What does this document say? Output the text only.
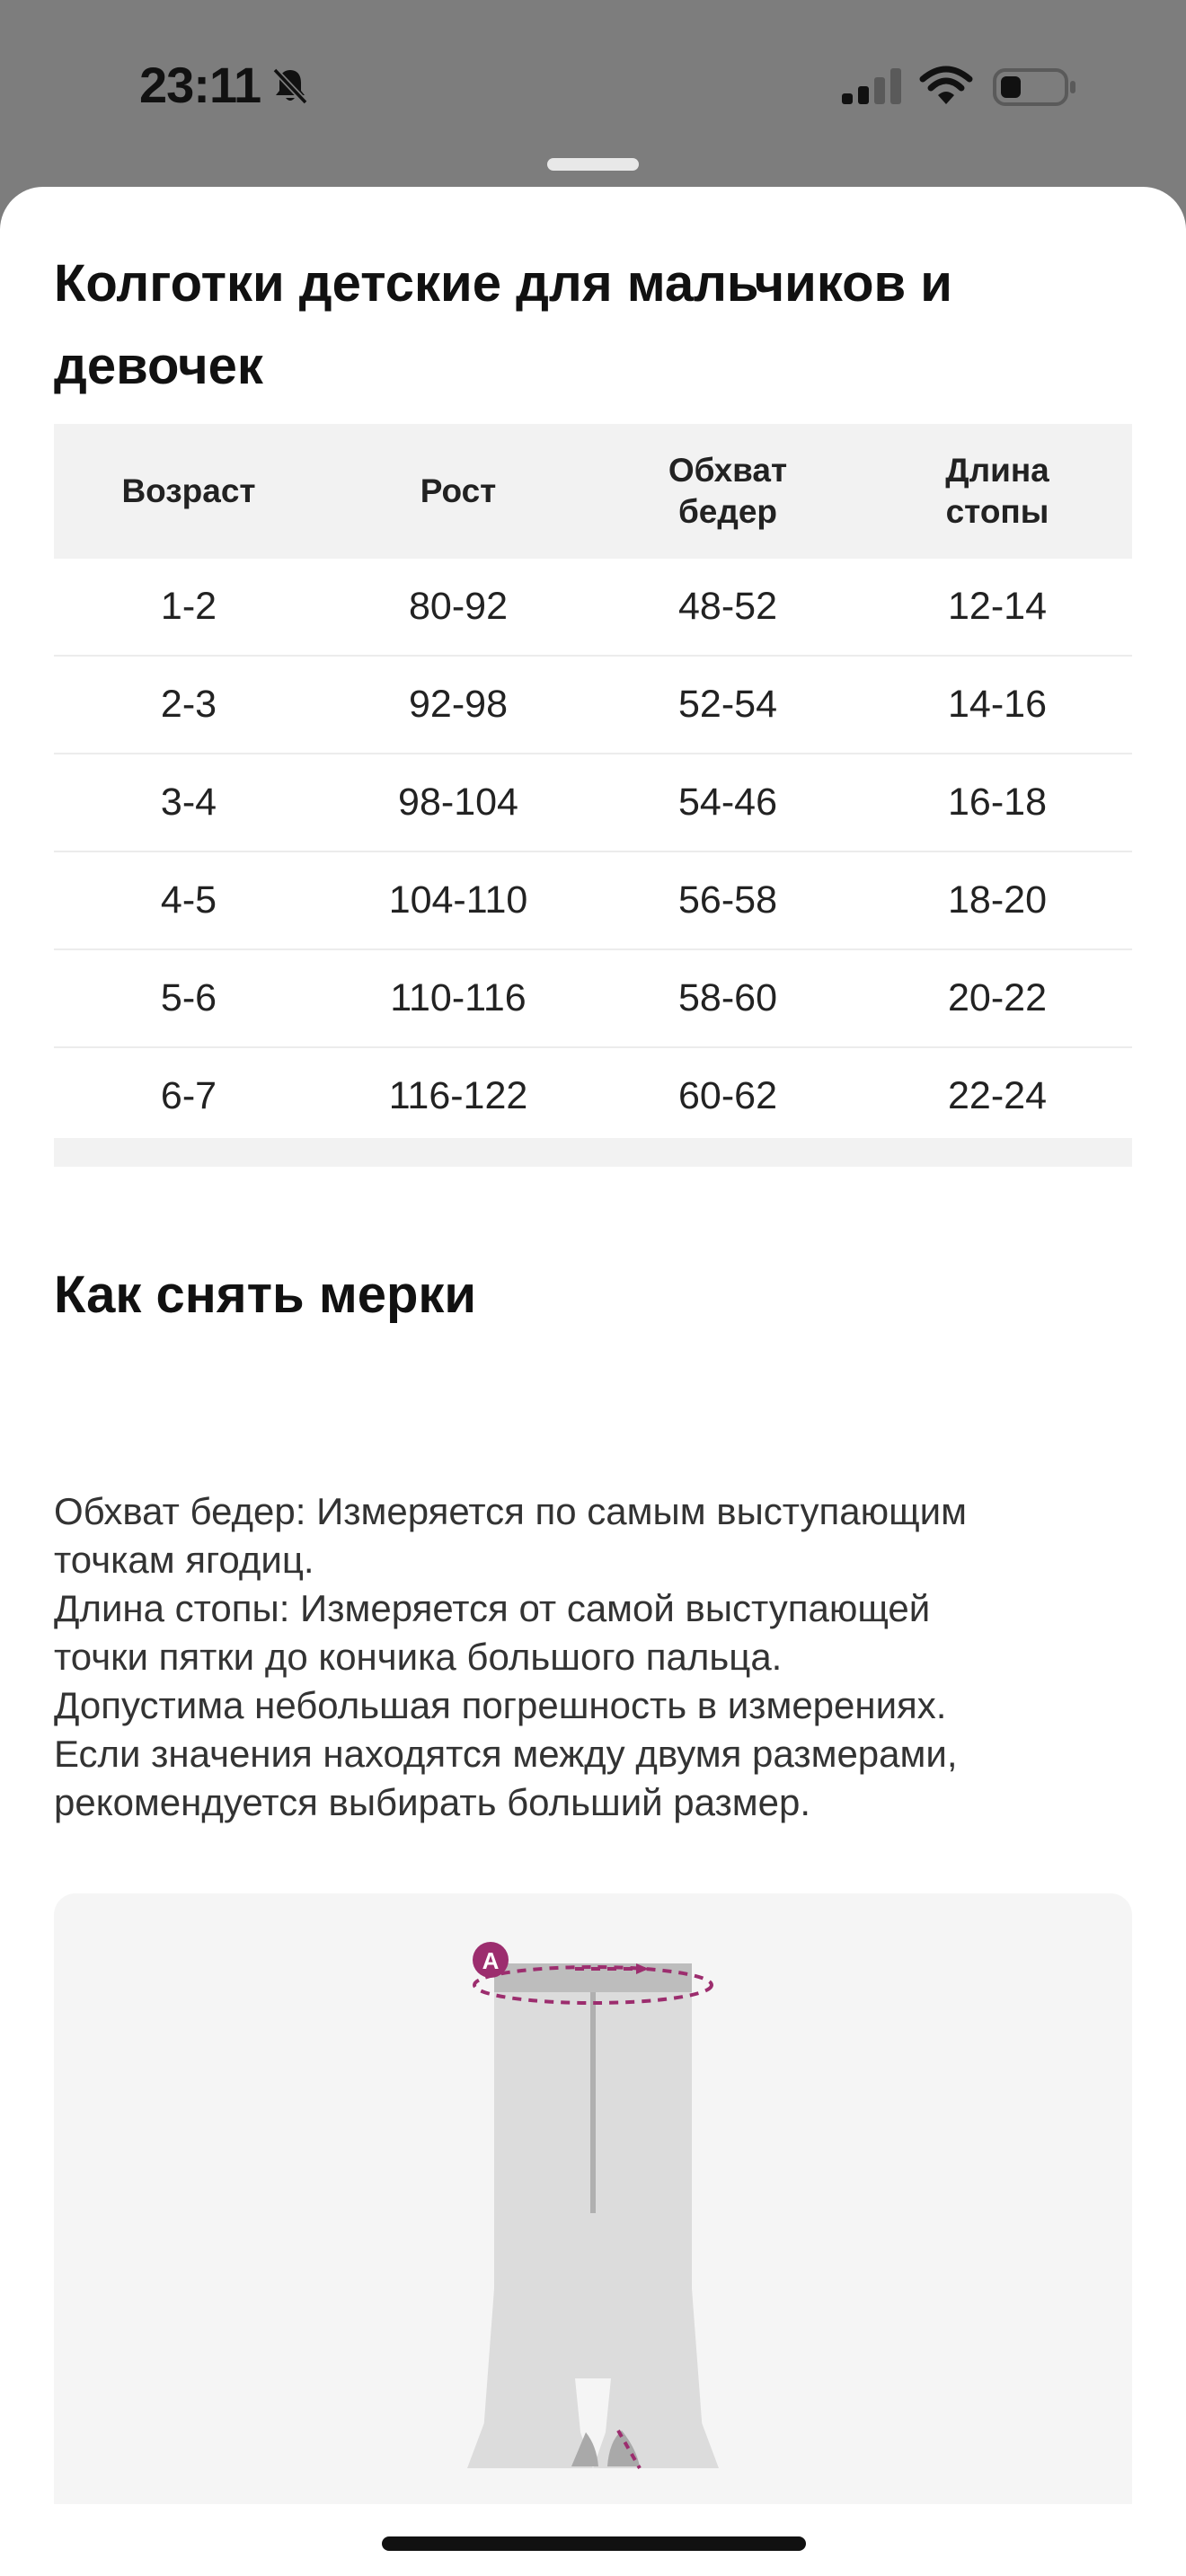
23:11
Колготки детские для мальчиков и девочек
Возраст	Рост	Обхват бедер	Длина стопы
1-2	80-92	48-52	12-14
2-3	92-98	52-54	14-16
3-4	98-104	54-46	16-18
4-5	104-110	56-58	18-20
5-6	110-116	58-60	20-22
6-7	116-122	60-62	22-24
Как снять мерки
Обхват бедер: Измеряется по самым выступающим
точкам ягодиц.
Длина стопы: Измеряется от самой выступающей
точки пятки до кончика большого пальца.
Допустима небольшая погрешность в измерениях.
Если значения находятся между двумя размерами,
рекомендуется выбирать больший размер.
A
